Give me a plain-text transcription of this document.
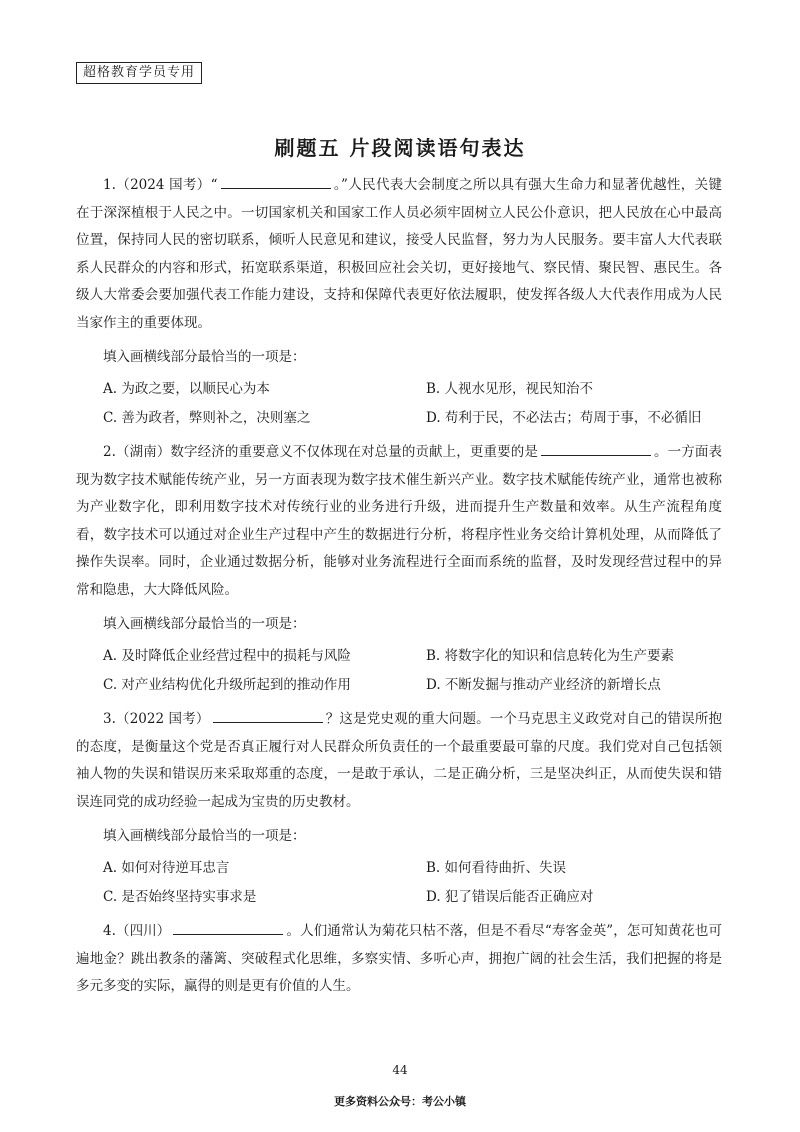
超格教育学员专用
刷题五 片段阅读语句表达

1.（2024 国考）“	。”人民代表大会制度之所以具有强大生命力和显著优越性，关键在于深深植根于人民之中。一切国家机关和国家工作人员必须牢固树立人民公仆意识，把人民放在心中最高位置，保持同人民的密切联系，倾听人民意见和建议，接受人民监督，努力为人民服务。要丰富人大代表联系人民群众的内容和形式，拓宽联系渠道，积极回应社会关切，更好接地气、察民情、聚民智、惠民生。各级人大常委会要加强代表工作能力建设，支持和保障代表更好依法履职，使发挥各级人大代表作用成为人民当家作主的重要体现。

填入画横线部分最恰当的一项是：

A. 为政之要，以顺民心为本	B. 人视水见形，视民知治不
C. 善为政者，弊则补之，决则塞之	D. 苟利于民，不必法古；苟周于事，不必循旧

2.（湖南）数字经济的重要意义不仅体现在对总量的贡献上，更重要的是	。一方面表现为数字技术赋能传统产业，另一方面表现为数字技术催生新兴产业。数字技术赋能传统产业，通常也被称为产业数字化，即利用数字技术对传统行业的业务进行升级，进而提升生产数量和效率。从生产流程角度看，数字技术可以通过对企业生产过程中产生的数据进行分析，将程序性业务交给计算机处理，从而降低了操作失误率。同时，企业通过数据分析，能够对业务流程进行全面而系统的监督，及时发现经营过程中的异常和隐患，大大降低风险。

填入画横线部分最恰当的一项是：

A. 及时降低企业经营过程中的损耗与风险	B. 将数字化的知识和信息转化为生产要素
C. 对产业结构优化升级所起到的推动作用	D. 不断发掘与推动产业经济的新增长点

3.（2022 国考）	？这是党史观的重大问题。一个马克思主义政党对自己的错误所抱的态度，是衡量这个党是否真正履行对人民群众所负责任的一个最重要最可靠的尺度。我们党对自己包括领袖人物的失误和错误历来采取郑重的态度，一是敢于承认，二是正确分析，三是坚决纠正，从而使失误和错误连同党的成功经验一起成为宝贵的历史教材。

填入画横线部分最恰当的一项是：

A. 如何对待逆耳忠言	B. 如何看待曲折、失误
C. 是否始终坚持实事求是	D. 犯了错误后能否正确应对

4.（四川）	。人们通常认为菊花只枯不落，但是不看尽“寿客金英”，怎可知黄花也可遍地金？跳出教条的藩篱、突破程式化思维，多察实情、多听心声，拥抱广阔的社会生活，我们把握的将是多元多变的实际，赢得的则是更有价值的人生。

44
更多资料公众号：考公小镇
